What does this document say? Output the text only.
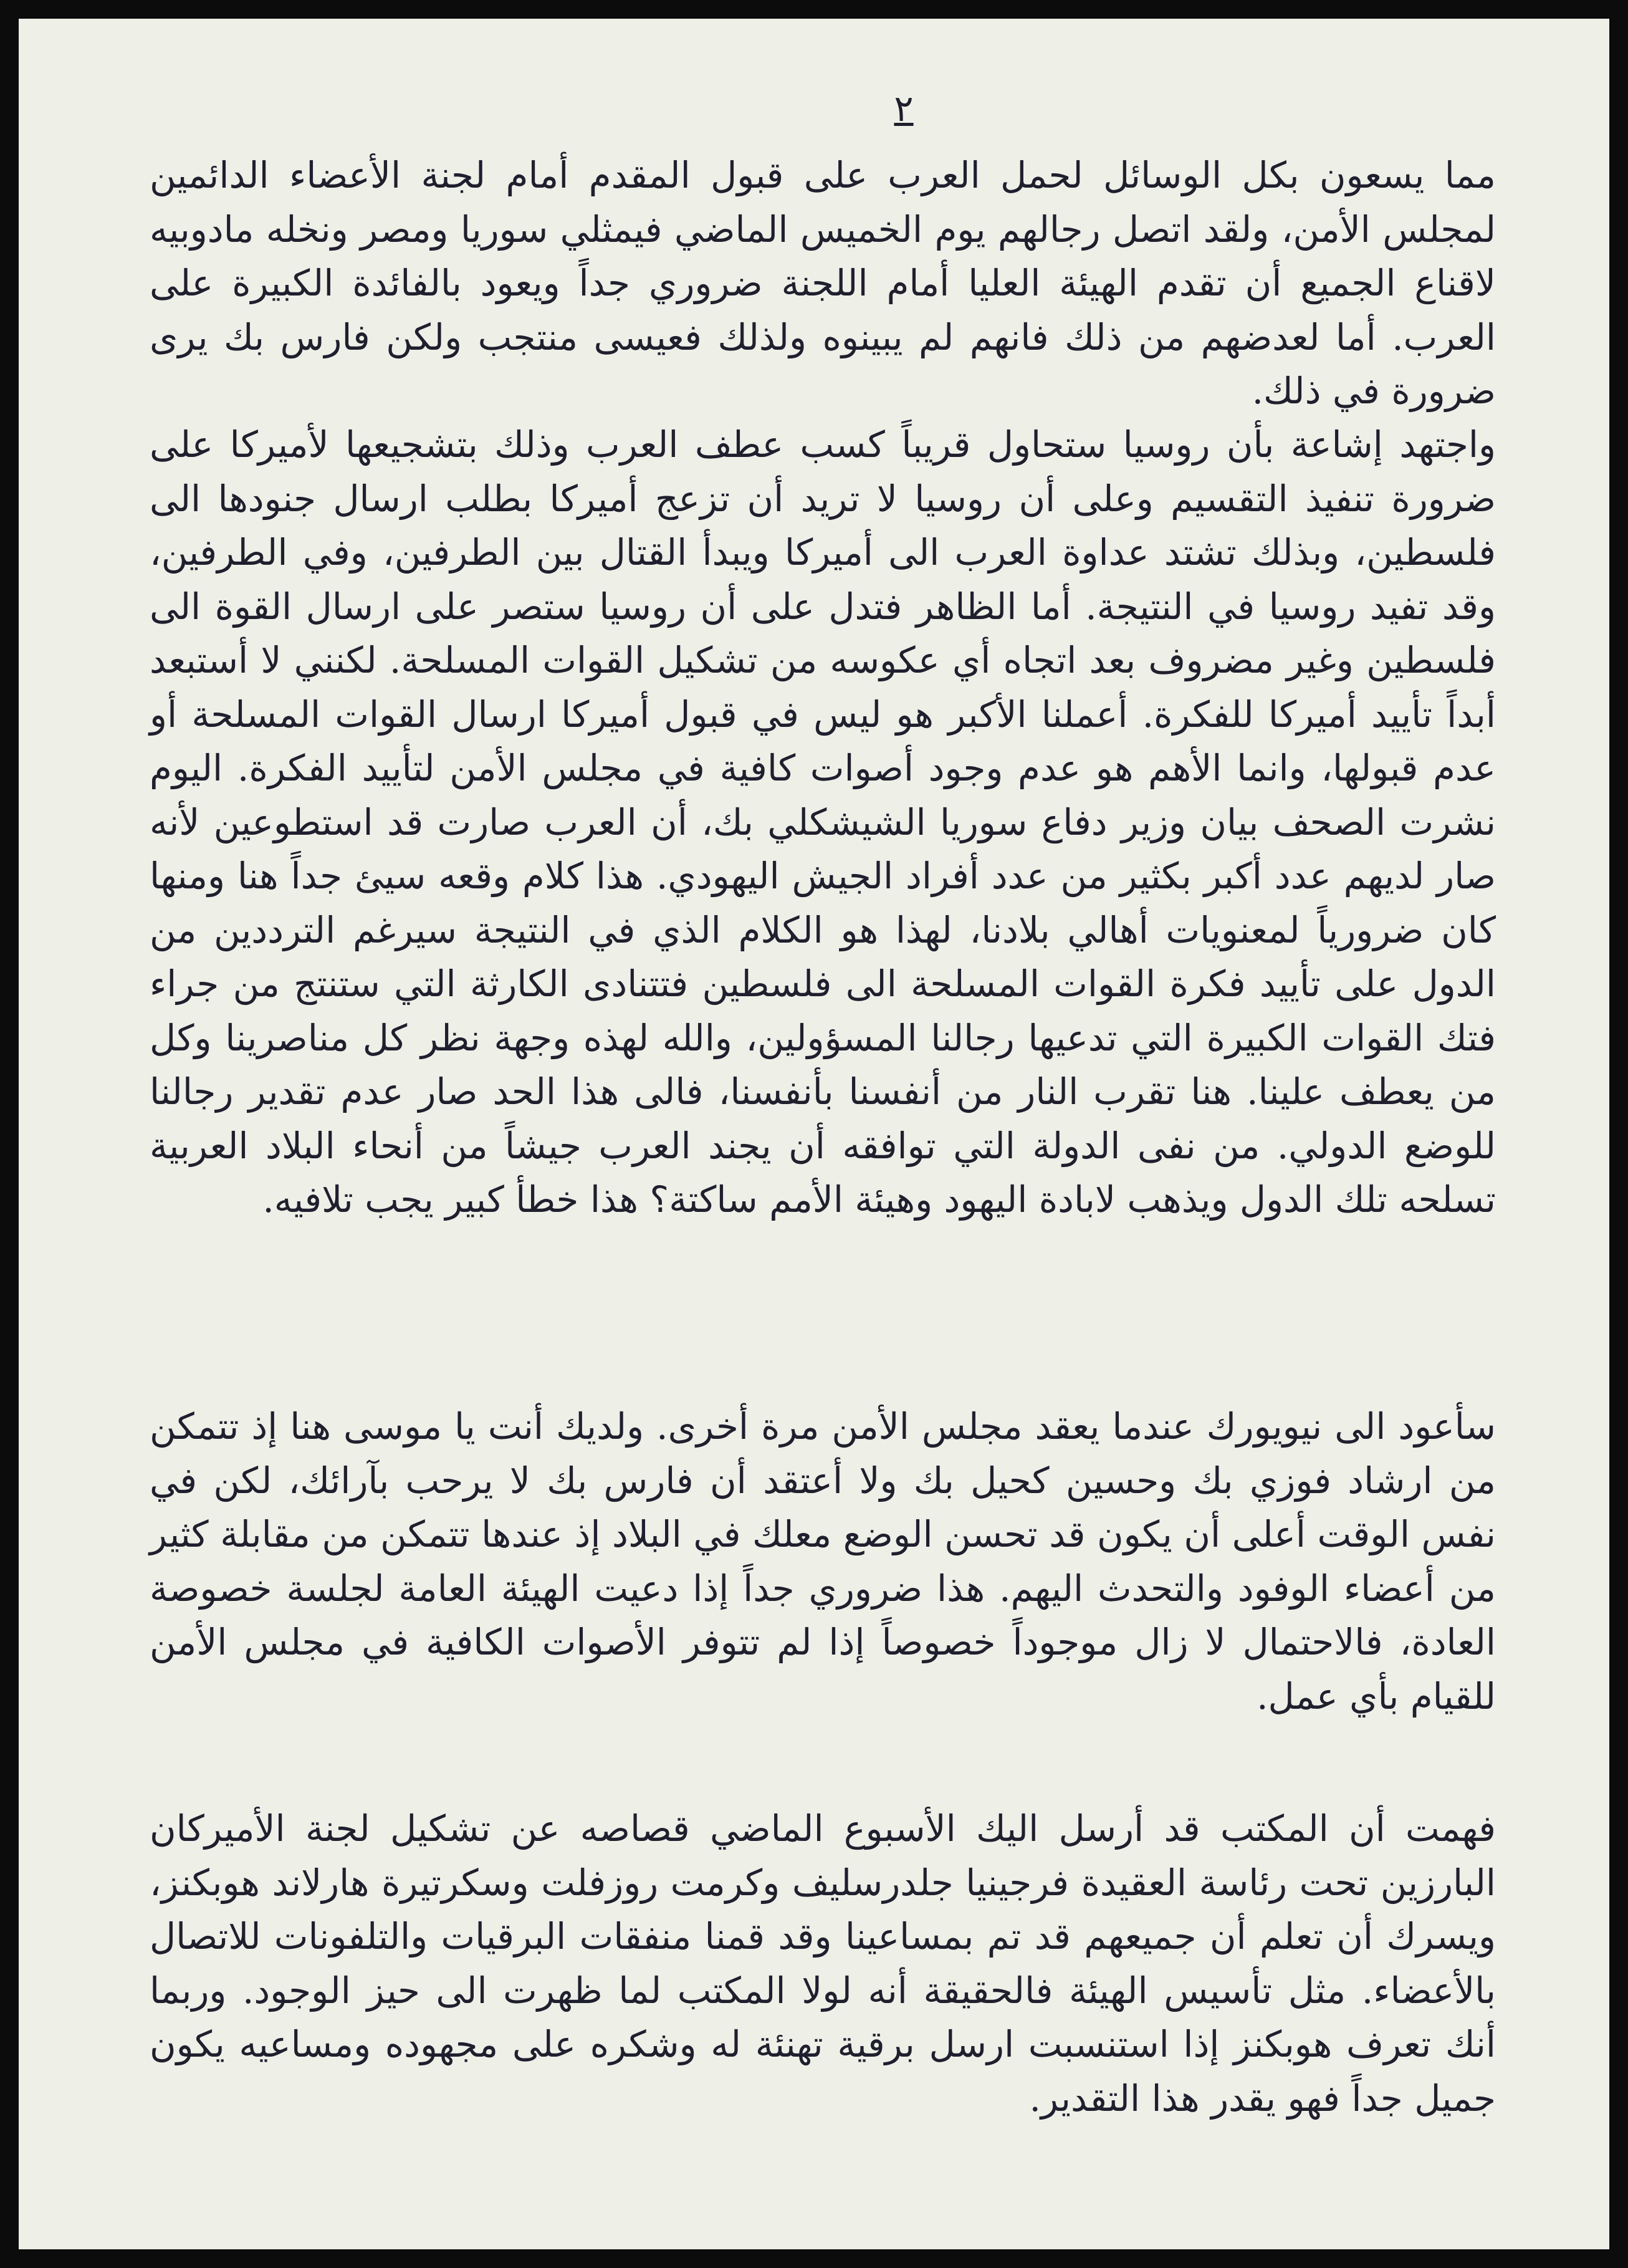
٢

مما يسعون بكل الوسائل لحمل العرب على قبول المقدم أمام لجنة الأعضاء الدائمين لمجلس الأمن، ولقد اتصل رجالهم يوم الخميس الماضي فيمثلي سوريا ومصر ونخله مادوبيه لاقناع الجميع أن تقدم الهيئة العليا أمام اللجنة ضروري جداً ويعود بالفائدة الكبيرة على العرب. أما لعدضهم من ذلك فانهم لم يبينوه ولذلك فعيسى منتجب ولكن فارس بك يرى ضرورة في ذلك.

واجتهد إشاعة بأن روسيا ستحاول قريباً كسب عطف العرب وذلك بتشجيعها لأميركا على ضرورة تنفيذ التقسيم وعلى أن روسيا لا تريد أن تزعج أميركا بطلب ارسال جنودها الى فلسطين، وبذلك تشتد عداوة العرب الى أميركا ويبدأ القتال بين الطرفين، وفي الطرفين، وقد تفيد روسيا في النتيجة. أما الظاهر فتدل على أن روسيا ستصر على ارسال القوة الى فلسطين وغير مضروف بعد اتجاه أي عكوسه من تشكيل القوات المسلحة. لكنني لا أستبعد أبداً تأييد أميركا للفكرة. أعملنا الأكبر هو ليس في قبول أميركا ارسال القوات المسلحة أو عدم قبولها، وانما الأهم هو عدم وجود أصوات كافية في مجلس الأمن لتأييد الفكرة. اليوم نشرت الصحف بيان وزير دفاع سوريا الشيشكلي بك، أن العرب صارت قد استطوعين لأنه صار لديهم عدد أكبر بكثير من عدد أفراد الجيش اليهودي. هذا كلام وقعه سيئ جداً هنا ومنها كان ضرورياً لمعنويات أهالي بلادنا، لهذا هو الكلام الذي في النتيجة سيرغم الترددين من الدول على تأييد فكرة القوات المسلحة الى فلسطين فتتنادى الكارثة التي ستنتج من جراء فتك القوات الكبيرة التي تدعيها رجالنا المسؤولين، والله لهذه وجهة نظر كل مناصرينا وكل من يعطف علينا. هنا تقرب النار من أنفسنا بأنفسنا، فالى هذا الحد صار عدم تقدير رجالنا للوضع الدولي. من نفى الدولة التي توافقه أن يجند العرب جيشاً من أنحاء البلاد العربية تسلحه تلك الدول ويذهب لابادة اليهود وهيئة الأمم ساكتة؟ هذا خطأ كبير يجب تلافيه.

سأعود الى نيويورك عندما يعقد مجلس الأمن مرة أخرى. ولديك أنت يا موسى هنا إذ تتمكن من ارشاد فوزي بك وحسين كحيل بك ولا أعتقد أن فارس بك لا يرحب بآرائك، لكن في نفس الوقت أعلى أن يكون قد تحسن الوضع معلك في البلاد إذ عندها تتمكن من مقابلة كثير من أعضاء الوفود والتحدث اليهم. هذا ضروري جداً إذا دعيت الهيئة العامة لجلسة خصوصة العادة، فالاحتمال لا زال موجوداً خصوصاً إذا لم تتوفر الأصوات الكافية في مجلس الأمن للقيام بأي عمل.

فهمت أن المكتب قد أرسل اليك الأسبوع الماضي قصاصه عن تشكيل لجنة الأميركان البارزين تحت رئاسة العقيدة فرجينيا جلدرسليف وكرمت روزفلت وسكرتيرة هارلاند هوبكنز، ويسرك أن تعلم أن جميعهم قد تم بمساعينا وقد قمنا منفقات البرقيات والتلفونات للاتصال بالأعضاء. مثل تأسيس الهيئة فالحقيقة أنه لولا المكتب لما ظهرت الى حيز الوجود. وربما أنك تعرف هوبكنز إذا استنسبت ارسل برقية تهنئة له وشكره على مجهوده ومساعيه يكون جميل جداً فهو يقدر هذا التقدير.
